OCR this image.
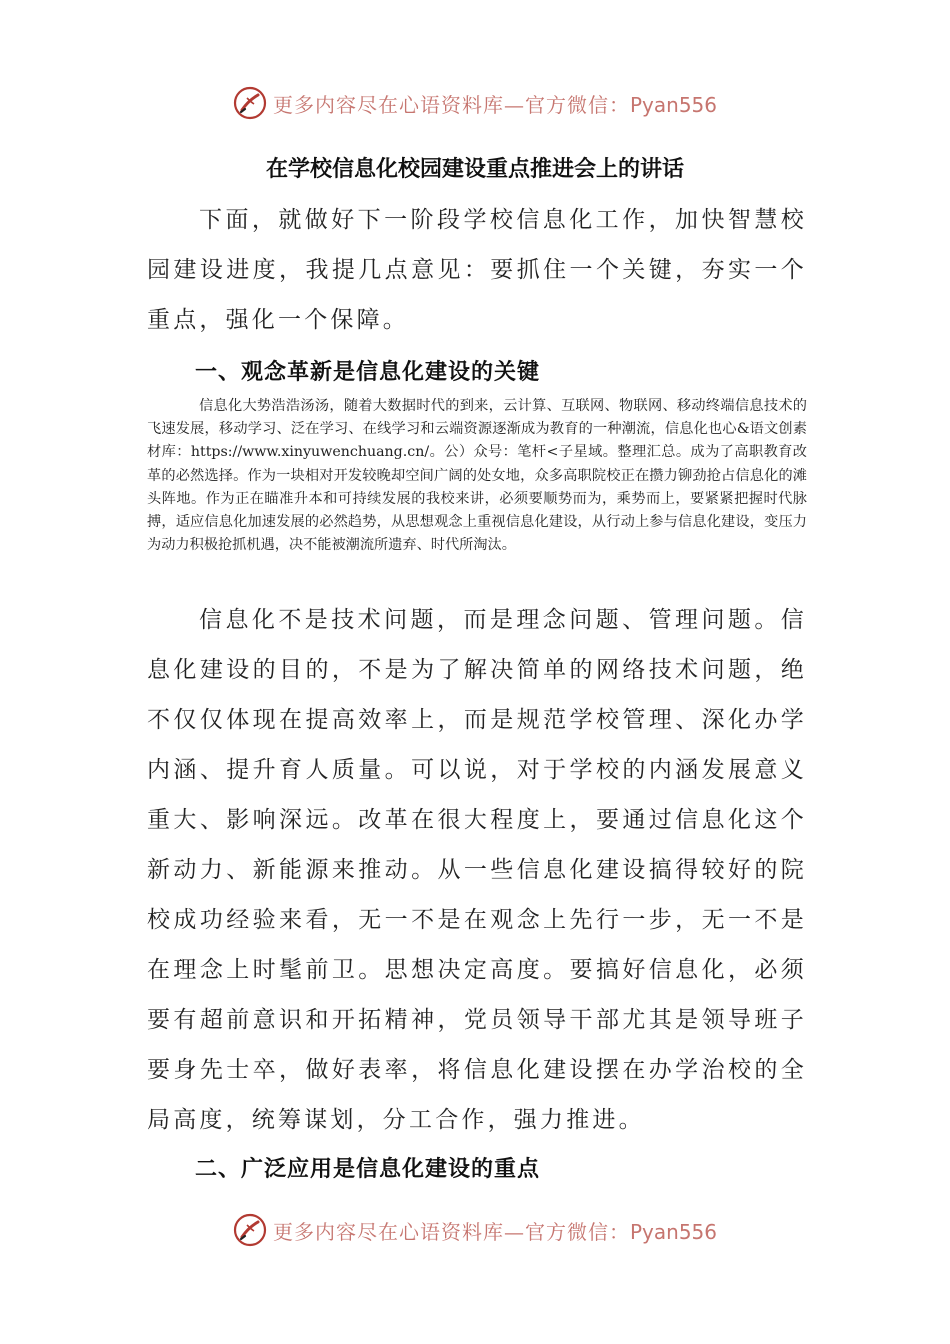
更多内容尽在心语资料库—官方微信：Pyan556
在学校信息化校园建设重点推进会上的讲话

下面，就做好下一阶段学校信息化工作，加快智慧校园建设进度，我提几点意见：要抓住一个关键，夯实一个重点，强化一个保障。

一、观念革新是信息化建设的关键

信息化大势浩浩汤汤，随着大数据时代的到来，云计算、互联网、物联网、移动终端信息技术的飞速发展，移动学习、泛在学习、在线学习和云端资源逐渐成为教育的一种潮流，信息化也心&语文创素材库：https://www.xinyuwenchuang.cn/。公）众号：笔杆<子星域。整理汇总。成为了高职教育改革的必然选择。作为一块相对开发较晚却空间广阔的处女地，众多高职院校正在攒力铆劲抢占信息化的滩头阵地。作为正在瞄准升本和可持续发展的我校来讲，必须要顺势而为，乘势而上，要紧紧把握时代脉搏，适应信息化加速发展的必然趋势，从思想观念上重视信息化建设，从行动上参与信息化建设，变压力为动力积极抢抓机遇，决不能被潮流所遗弃、时代所淘汰。

信息化不是技术问题，而是理念问题、管理问题。信息化建设的目的，不是为了解决简单的网络技术问题，绝不仅仅体现在提高效率上，而是规范学校管理、深化办学内涵、提升育人质量。可以说，对于学校的内涵发展意义重大、影响深远。改革在很大程度上，要通过信息化这个新动力、新能源来推动。从一些信息化建设搞得较好的院校成功经验来看，无一不是在观念上先行一步，无一不是在理念上时髦前卫。思想决定高度。要搞好信息化，必须要有超前意识和开拓精神，党员领导干部尤其是领导班子要身先士卒，做好表率，将信息化建设摆在办学治校的全局高度，统筹谋划，分工合作，强力推进。

二、广泛应用是信息化建设的重点
更多内容尽在心语资料库—官方微信：Pyan556
